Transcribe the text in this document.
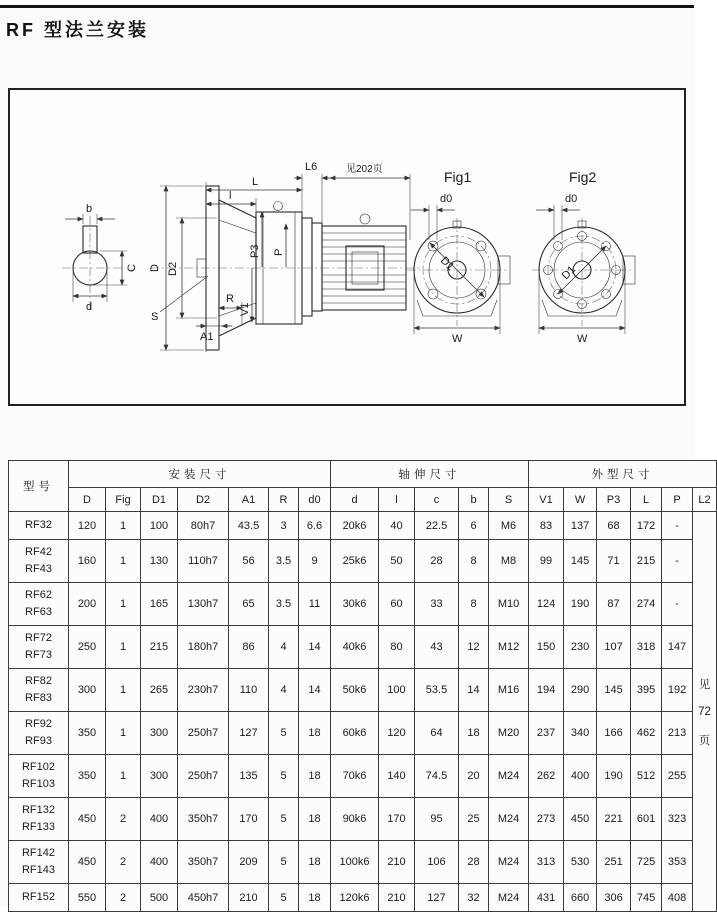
RF 型法兰安装
b
C
d
L6	见202页
L
l
D D2
S
P3 P
V1
R
A1
Fig1
D1
d0
W
Fig2
D1
d0
W
型号	安装尺寸							轴伸尺寸					外型尺寸					
	D	Fig	D1	D2	A1	R	d0	d	l	c	b	S	V1	W	P3	L	P	L2

RF32	120	1	100	80h7	43.5	3	6.6	20k6	40	22.5	6	M6	83	137	68	172	-	见
72
页

RF42
RF43	160	1	130	110h7	56	3.5	9	25k6	50	28	8	M8	99	145	71	215	-	

RF62
RF63	200	1	165	130h7	65	3.5	11	30k6	60	33	8	M10	124	190	87	274	-	

RF72
RF73	250	1	215	180h7	86	4	14	40k6	80	43	12	M12	150	230	107	318	147	

RF82
RF83	300	1	265	230h7	110	4	14	50k6	100	53.5	14	M16	194	290	145	395	192	

RF92
RF93	350	1	300	250h7	127	5	18	60k6	120	64	18	M20	237	340	166	462	213	

RF102
RF103	350	1	300	250h7	135	5	18	70k6	140	74.5	20	M24	262	400	190	512	255	

RF132
RF133	450	2	400	350h7	170	5	18	90k6	170	95	25	M24	273	450	221	601	323	

RF142
RF143	450	2	400	350h7	209	5	18	100k6	210	106	28	M24	313	530	251	725	353	

RF152	550	2	500	450h7	210	5	18	120k6	210	127	32	M24	431	660	306	745	408	
